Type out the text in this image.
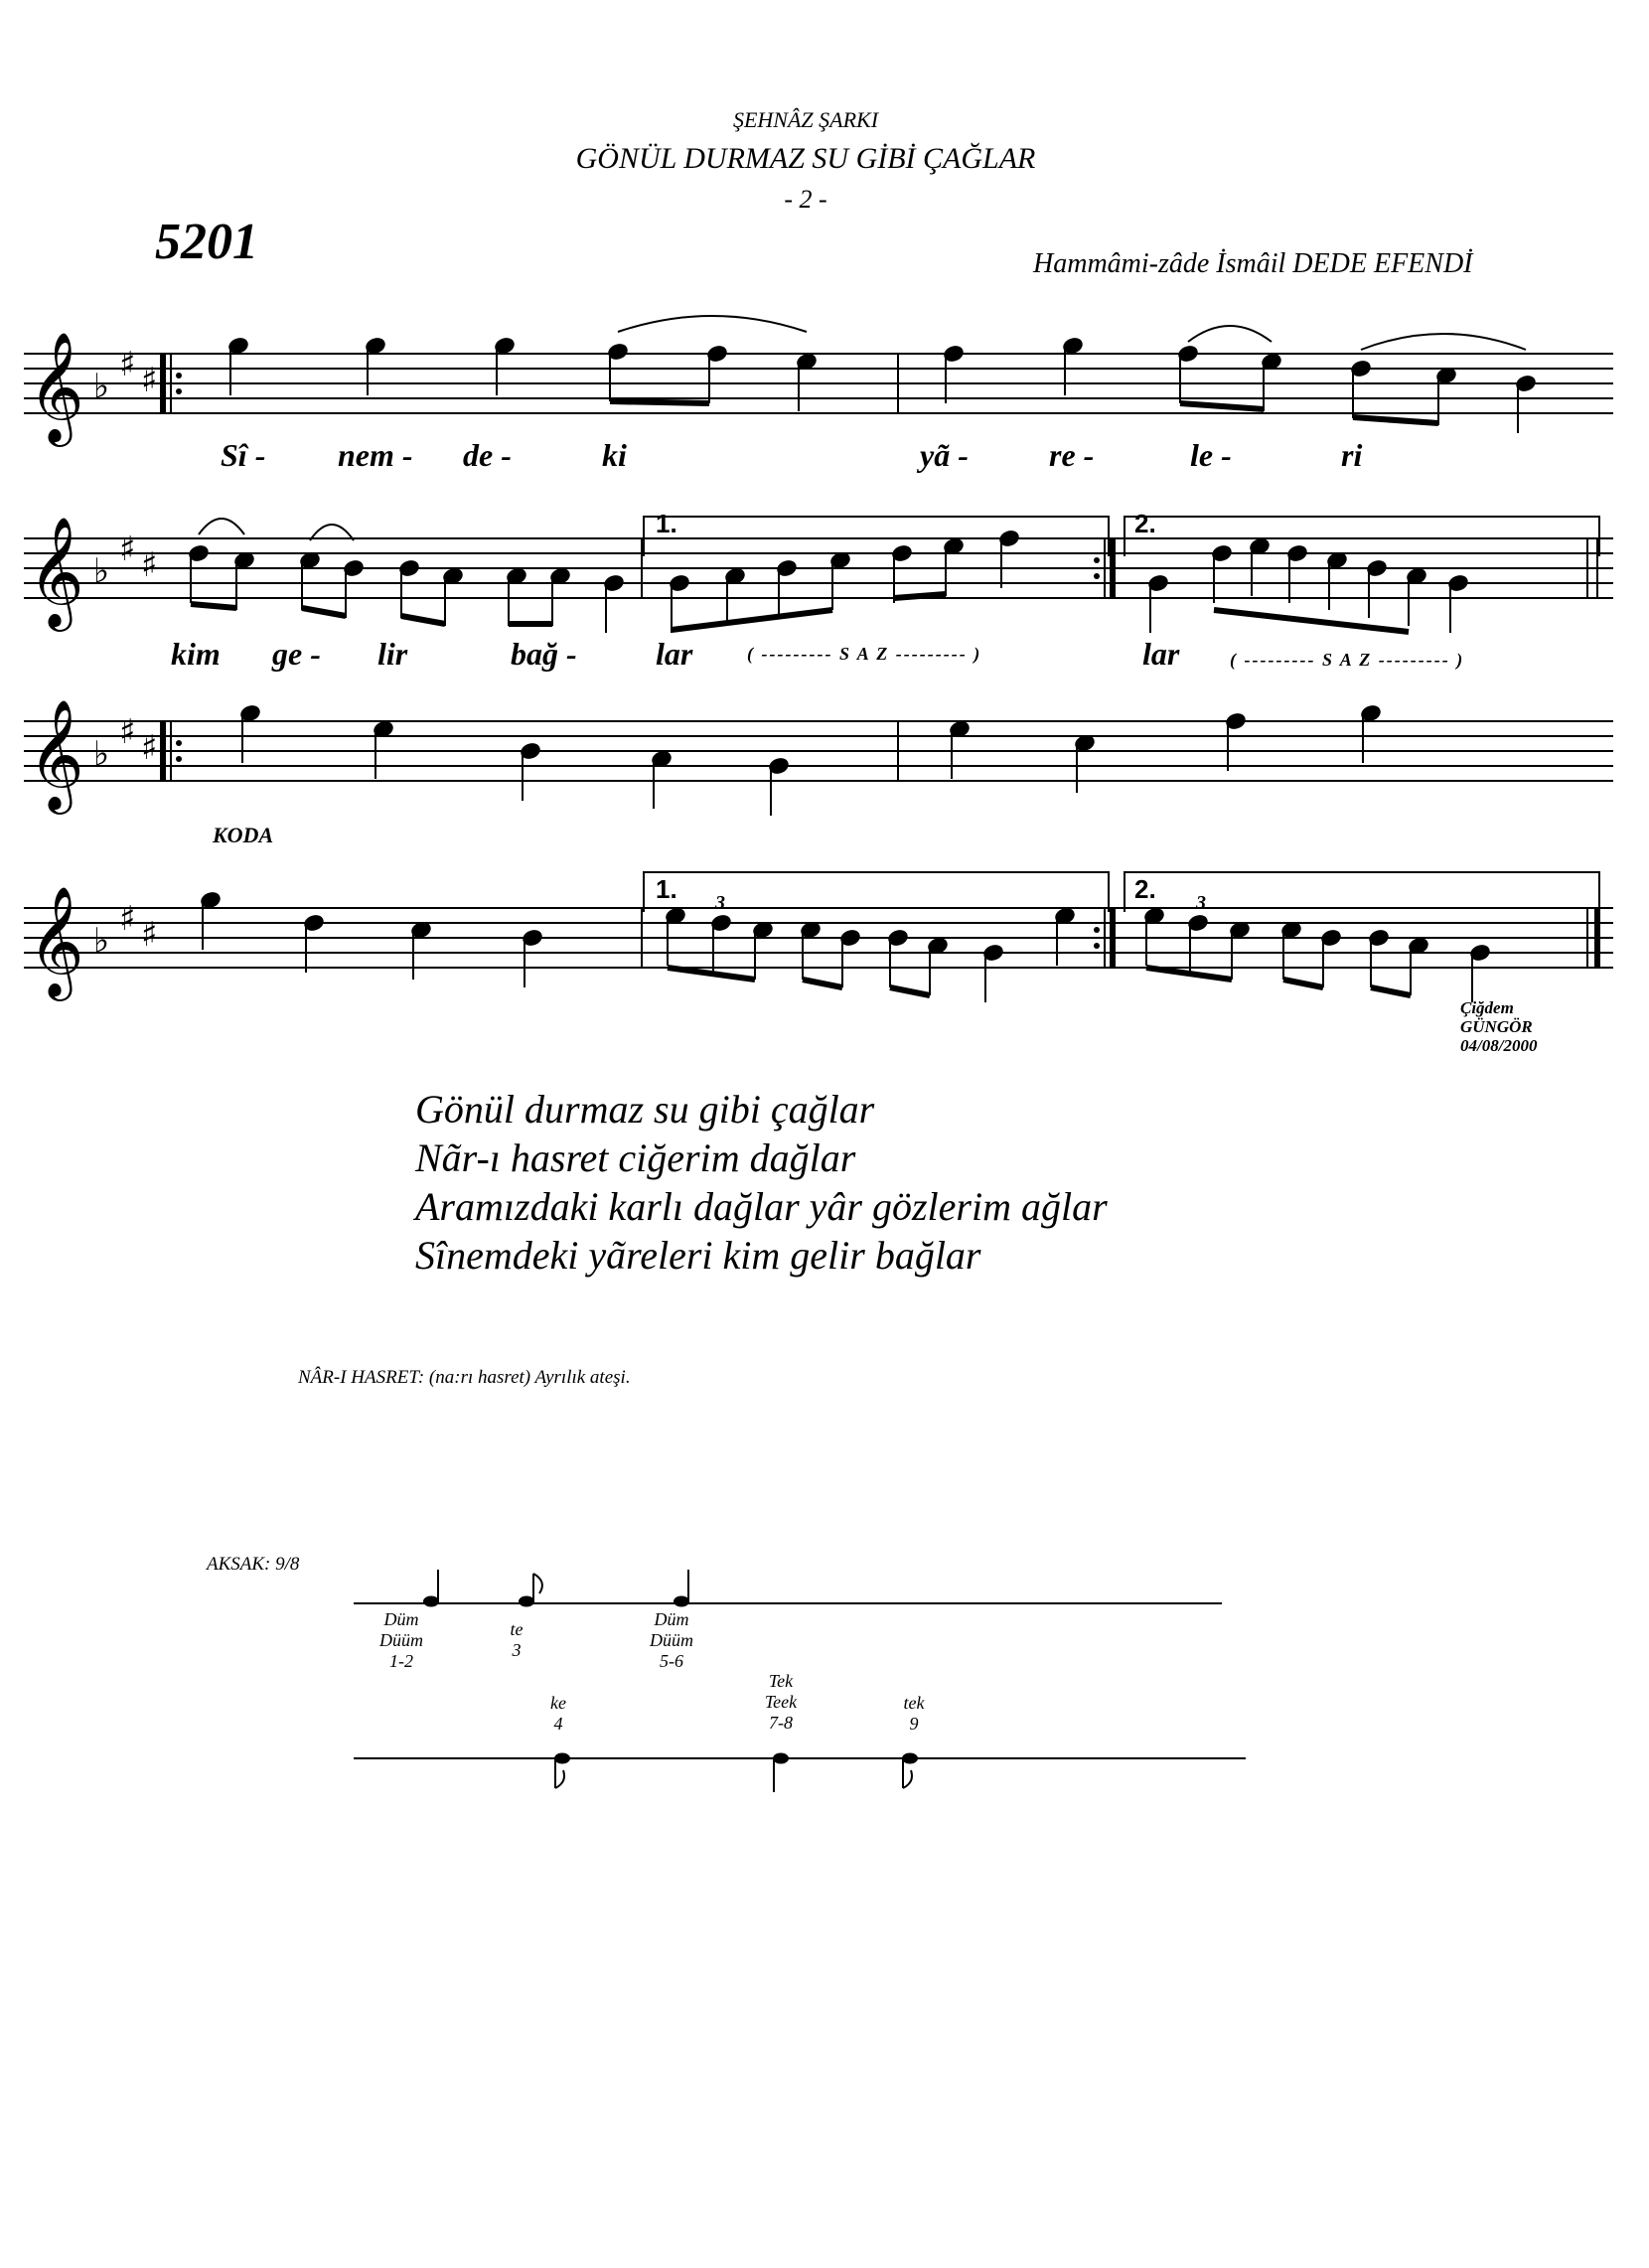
ŞEHNÂZ ŞARKI
GÖNÜL DURMAZ SU GİBİ ÇAĞLAR
- 2 -
5201	Hammâmi-zâde İsmâil DEDE EFENDİ
𝄞 ♭
♯ ♯
𝄞 ♭
♯ ♯
𝄞 ♭
♯ ♯
𝄞 ♭
♯ ♯
Sî - nem - de -	ki	yã -	re -	le -	ri
kim ge - lir	bağ - lar	( --------- S A Z --------- )	lar	( --------- S A Z --------- )
KODA
1.	2.
1.	2.
3	3
Çiğdem
GÜNGÖR
04/08/2000
Gönül durmaz su gibi çağlar
Nãr-ı hasret ciğerim dağlar
Aramızdaki karlı dağlar yâr gözlerim ağlar
Sînemdeki yãreleri kim gelir bağlar
NÂR-I HASRET: (na:rı hasret) Ayrılık ateşi.
AKSAK: 9/8
Düm
Düüm
1-2
te
3
Düm
Düüm
5-6
ke
4
Tek
Teek
7-8
tek
9
